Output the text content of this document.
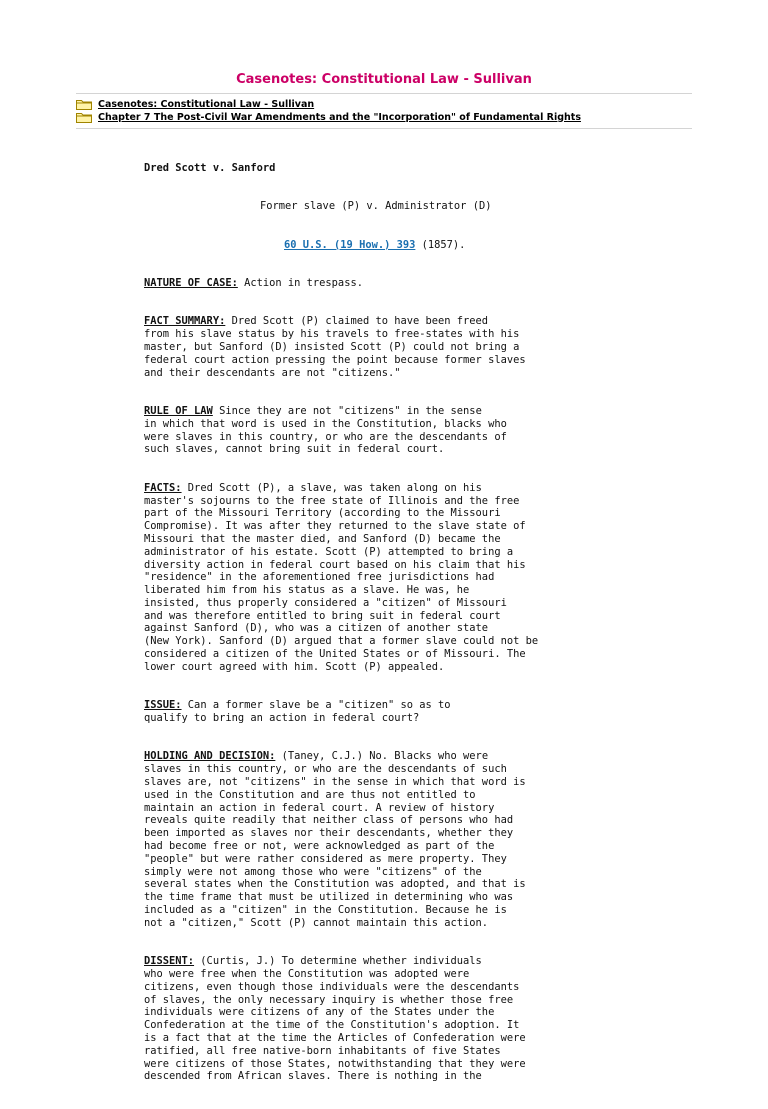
Casenotes: Constitutional Law - Sullivan
Casenotes: Constitutional Law - Sullivan
Chapter 7 The Post-Civil War Amendments and the "Incorporation" of Fundamental Rights

Dred Scott v. Sanford

Former slave (P) v. Administrator (D)

60 U.S. (19 How.) 393 (1857).

NATURE OF CASE: Action in trespass.

FACT SUMMARY: Dred Scott (P) claimed to have been freed
from his slave status by his travels to free-states with his
master, but Sanford (D) insisted Scott (P) could not bring a
federal court action pressing the point because former slaves
and their descendants are not "citizens."

RULE OF LAW Since they are not "citizens" in the sense
in which that word is used in the Constitution, blacks who
were slaves in this country, or who are the descendants of
such slaves, cannot bring suit in federal court.

FACTS: Dred Scott (P), a slave, was taken along on his
master's sojourns to the free state of Illinois and the free
part of the Missouri Territory (according to the Missouri
Compromise). It was after they returned to the slave state of
Missouri that the master died, and Sanford (D) became the
administrator of his estate. Scott (P) attempted to bring a
diversity action in federal court based on his claim that his
"residence" in the aforementioned free jurisdictions had
liberated him from his status as a slave. He was, he
insisted, thus properly considered a "citizen" of Missouri
and was therefore entitled to bring suit in federal court
against Sanford (D), who was a citizen of another state
(New York). Sanford (D) argued that a former slave could not be
considered a citizen of the United States or of Missouri. The
lower court agreed with him. Scott (P) appealed.

ISSUE: Can a former slave be a "citizen" so as to
qualify to bring an action in federal court?

HOLDING AND DECISION: (Taney, C.J.) No. Blacks who were
slaves in this country, or who are the descendants of such
slaves are, not "citizens" in the sense in which that word is
used in the Constitution and are thus not entitled to
maintain an action in federal court. A review of history
reveals quite readily that neither class of persons who had
been imported as slaves nor their descendants, whether they
had become free or not, were acknowledged as part of the
"people" but were rather considered as mere property. They
simply were not among those who were "citizens" of the
several states when the Constitution was adopted, and that is
the time frame that must be utilized in determining who was
included as a "citizen" in the Constitution. Because he is
not a "citizen," Scott (P) cannot maintain this action.

DISSENT: (Curtis, J.) To determine whether individuals
who were free when the Constitution was adopted were
citizens, even though those individuals were the descendants
of slaves, the only necessary inquiry is whether those free
individuals were citizens of any of the States under the
Confederation at the time of the Constitution's adoption. It
is a fact that at the time the Articles of Confederation were
ratified, all free native-born inhabitants of five States
were citizens of those States, notwithstanding that they were
descended from African slaves. There is nothing in the
